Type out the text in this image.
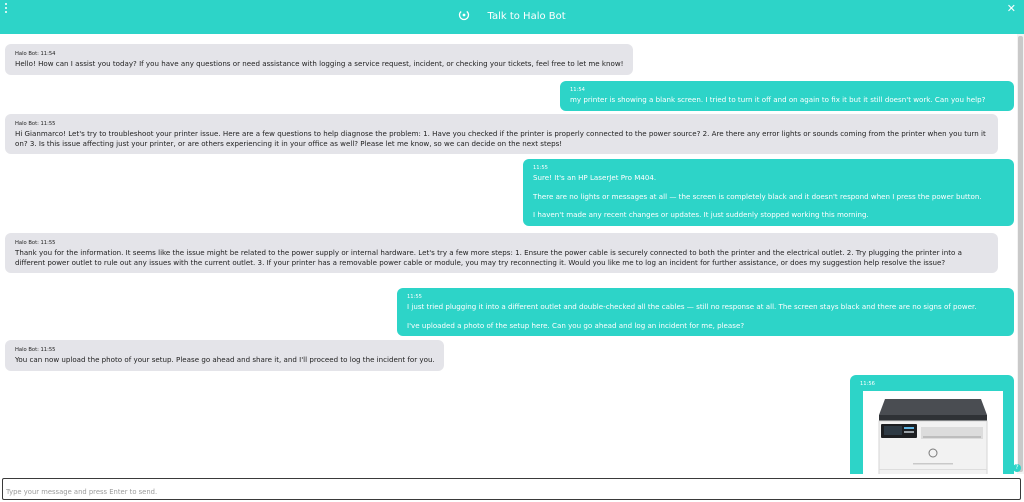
Talk to Halo Bot
✕
Halo Bot: 11:54

Hello! How can I assist you today? If you have any questions or need assistance with logging a service request, incident, or checking your tickets, feel free to let me know!

11:54

my printer is showing a blank screen. I tried to turn it off and on again to fix it but it still doesn't work. Can you help?

Halo Bot: 11:55

Hi Gianmarco! Let's try to troubleshoot your printer issue. Here are a few questions to help diagnose the problem: 1. Have you checked if the printer is properly connected to the power source? 2. Are there any error lights or sounds coming from the printer when you turn it on? 3. Is this issue affecting just your printer, or are others experiencing it in your office as well? Please let me know, so we can decide on the next steps!

11:55

Sure! It's an HP LaserJet Pro M404.

There are no lights or messages at all — the screen is completely black and it doesn't respond when I press the power button.

I haven't made any recent changes or updates. It just suddenly stopped working this morning.

Halo Bot: 11:55

Thank you for the information. It seems like the issue might be related to the power supply or internal hardware. Let's try a few more steps: 1. Ensure the power cable is securely connected to both the printer and the electrical outlet. 2. Try plugging the printer into a different power outlet to rule out any issues with the current outlet. 3. If your printer has a removable power cable or module, you may try reconnecting it. Would you like me to log an incident for further assistance, or does my suggestion help resolve the issue?

11:55

I just tried plugging it into a different outlet and double-checked all the cables — still no response at all. The screen stays black and there are no signs of power.

I've uploaded a photo of the setup here. Can you go ahead and log an incident for me, please?

Halo Bot: 11:55

You can now upload the photo of your setup. Please go ahead and share it, and I'll proceed to log the incident for you.

11:56
?
Type your message and press Enter to send.
